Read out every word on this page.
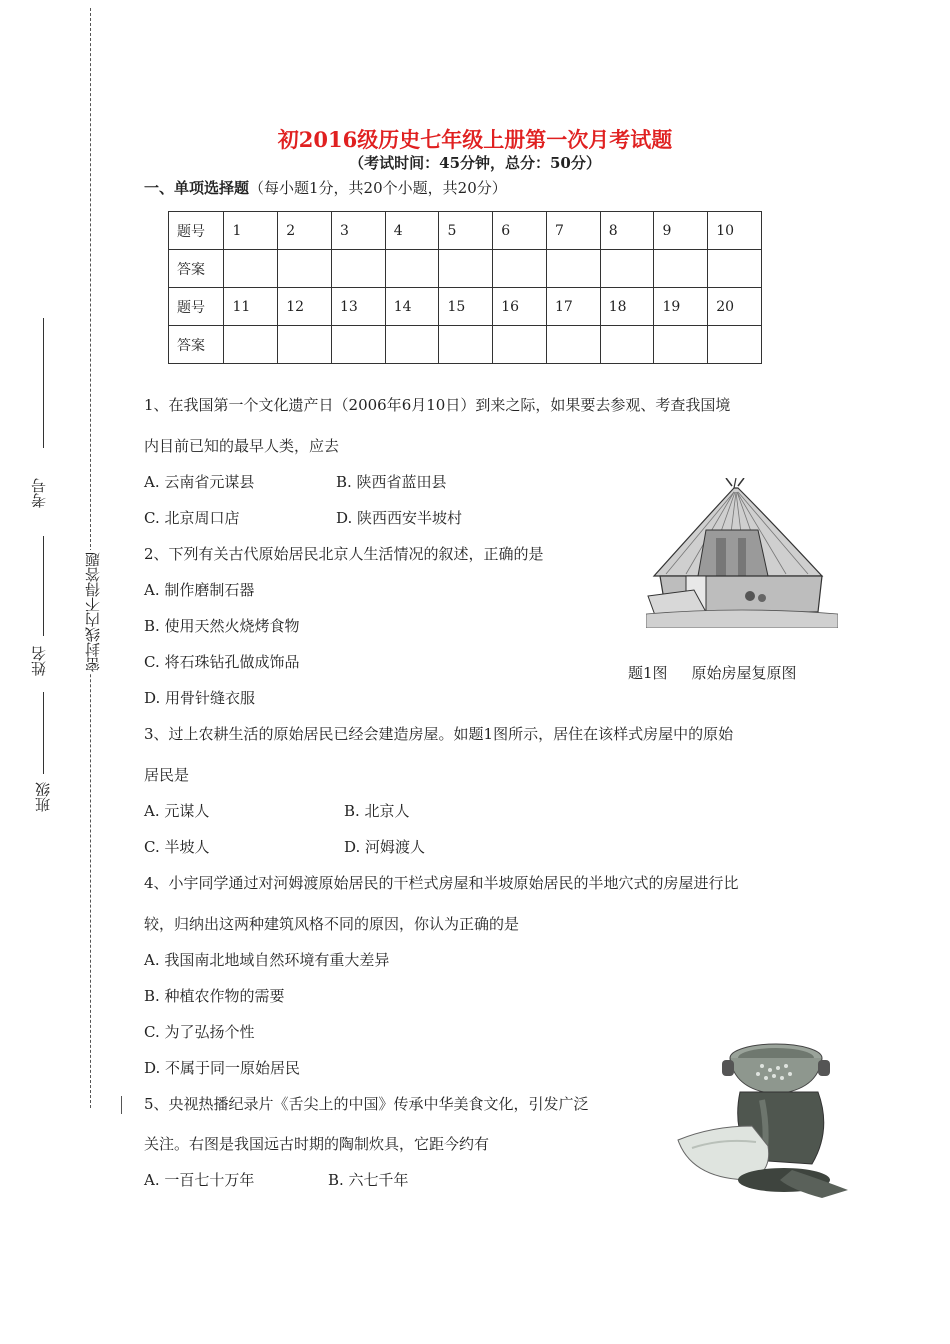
考号
姓名
班级
密封线内不得答题
初2016级历史七年级上册第一次月考试题
（考试时间：45分钟，总分：50分）
一、单项选择题（每小题1分，共20个小题，共20分）
题号	1	2	3	4	5	6	7	8	9	10
答案										
题号	11	12	13	14	15	16	17	18	19	20
答案										
1、在我国第一个文化遗产日（2006年6月10日）到来之际，如果要去参观、考查我国境
内目前已知的最早人类，应去
A. 云南省元谋县	B. 陕西省蓝田县
C. 北京周口店	D. 陕西西安半坡村
2、下列有关古代原始居民北京人生活情况的叙述，正确的是
A. 制作磨制石器
B. 使用天然火烧烤食物
C. 将石珠钻孔做成饰品
D. 用骨针缝衣服
题1图 原始房屋复原图
3、过上农耕生活的原始居民已经会建造房屋。如题1图所示，居住在该样式房屋中的原始
居民是
A. 元谋人	B. 北京人
C. 半坡人	D. 河姆渡人
4、小宇同学通过对河姆渡原始居民的干栏式房屋和半坡原始居民的半地穴式的房屋进行比
较，归纳出这两种建筑风格不同的原因，你认为正确的是
A. 我国南北地域自然环境有重大差异
B. 种植农作物的需要
C. 为了弘扬个性
D. 不属于同一原始居民
5、央视热播纪录片《舌尖上的中国》传承中华美食文化，引发广泛
关注。右图是我国远古时期的陶制炊具，它距今约有
A. 一百七十万年	B. 六七千年
